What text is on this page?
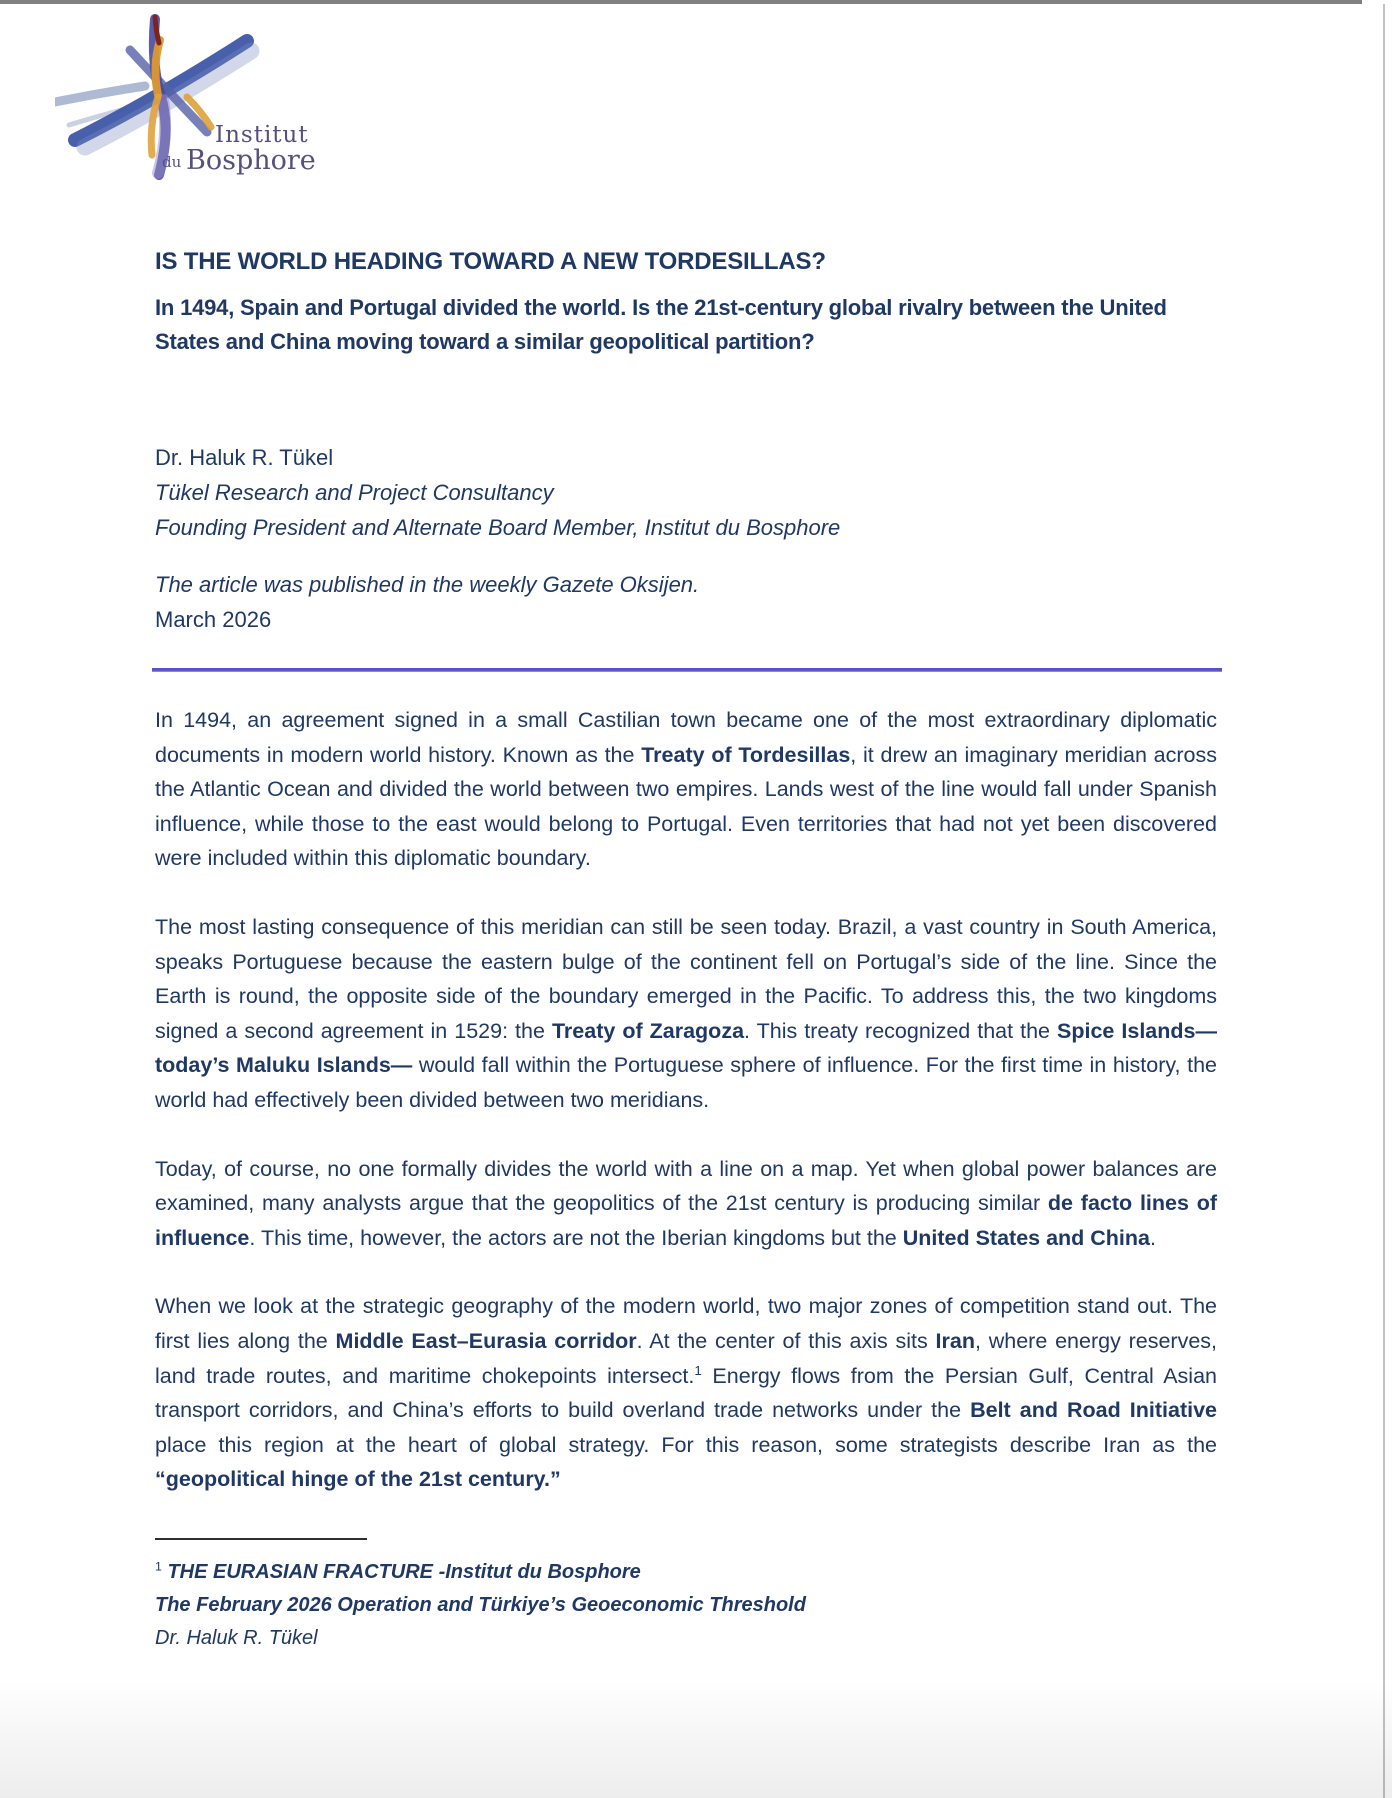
Institut
du Bosphore
IS THE WORLD HEADING TOWARD A NEW TORDESILLAS?
In 1494, Spain and Portugal divided the world. Is the 21st-century global rivalry between the United States and China moving toward a similar geopolitical partition?
Dr. Haluk R. Tükel
Tükel Research and Project Consultancy
Founding President and Alternate Board Member, Institut du Bosphore
The article was published in the weekly Gazete Oksijen.
March 2026

In 1494, an agreement signed in a small Castilian town became one of the most extraordinary diplomatic documents in modern world history. Known as the Treaty of Tordesillas, it drew an imaginary meridian across the Atlantic Ocean and divided the world between two empires. Lands west of the line would fall under Spanish influence, while those to the east would belong to Portugal. Even territories that had not yet been discovered were included within this diplomatic boundary.

The most lasting consequence of this meridian can still be seen today. Brazil, a vast country in South America, speaks Portuguese because the eastern bulge of the continent fell on Portugal’s side of the line. Since the Earth is round, the opposite side of the boundary emerged in the Pacific. To address this, the two kingdoms signed a second agreement in 1529: the Treaty of Zaragoza. This treaty recognized that the Spice Islands—today’s Maluku Islands— would fall within the Portuguese sphere of influence. For the first time in history, the world had effectively been divided between two meridians.

Today, of course, no one formally divides the world with a line on a map. Yet when global power balances are examined, many analysts argue that the geopolitics of the 21st century is producing similar de facto lines of influence. This time, however, the actors are not the Iberian kingdoms but the United States and China.

When we look at the strategic geography of the modern world, two major zones of competition stand out. The first lies along the Middle East–Eurasia corridor. At the center of this axis sits Iran, where energy reserves, land trade routes, and maritime chokepoints intersect.$^1$ Energy flows from the Persian Gulf, Central Asian transport corridors, and China’s efforts to build overland trade networks under the Belt and Road Initiative place this region at the heart of global strategy. For this reason, some strategists describe Iran as the “geopolitical hinge of the 21st century.”

$^1$ THE EURASIAN FRACTURE -Institut du Bosphore
The February 2026 Operation and Türkiye’s Geoeconomic Threshold
Dr. Haluk R. Tükel
